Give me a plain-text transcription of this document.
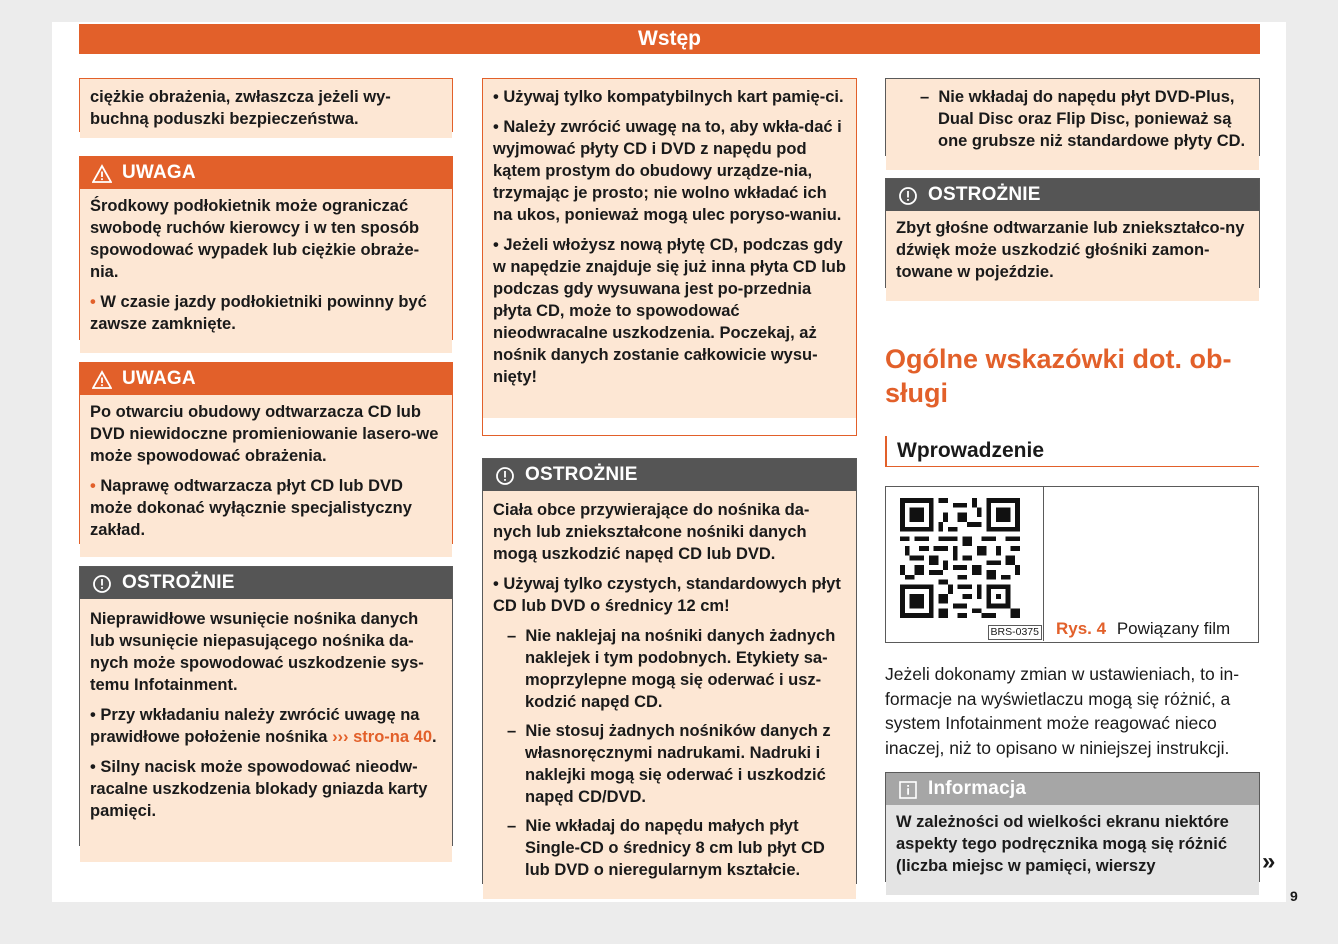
Wstęp
ciężkie obrażenia, zwłaszcza jeżeli wy-
buchną poduszki bezpieczeństwa.
UWAGA

Środkowy podłokietnik może ograniczać swobodę ruchów kierowcy i w ten sposób spowodować wypadek lub ciężkie obraże-nia.

• W czasie jazdy podłokietniki powinny być zawsze zamknięte.

UWAGA

Po otwarciu obudowy odtwarzacza CD lub DVD niewidoczne promieniowanie lasero-we może spowodować obrażenia.

• Naprawę odtwarzacza płyt CD lub DVD może dokonać wyłącznie specjalistyczny zakład.

OSTROŻNIE

Nieprawidłowe wsunięcie nośnika danych lub wsunięcie niepasującego nośnika da-nych może spowodować uszkodzenie sys-temu Infotainment.

• Przy wkładaniu należy zwrócić uwagę na prawidłowe położenie nośnika ››› stro-na 40.

• Silny nacisk może spowodować nieodw-racalne uszkodzenia blokady gniazda karty pamięci.

• Używaj tylko kompatybilnych kart pamię-ci.

• Należy zwrócić uwagę na to, aby wkła-dać i wyjmować płyty CD i DVD z napędu pod kątem prostym do obudowy urządze-nia, trzymając je prosto; nie wolno wkładać ich na ukos, ponieważ mogą ulec poryso-waniu.

• Jeżeli włożysz nową płytę CD, podczas gdy w napędzie znajduje się już inna płyta CD lub podczas gdy wysuwana jest po-przednia płyta CD, może to spowodować nieodwracalne uszkodzenia. Poczekaj, aż nośnik danych zostanie całkowicie wysu-nięty!

OSTROŻNIE

Ciała obce przywierające do nośnika da-nych lub zniekształcone nośniki danych mogą uszkodzić napęd CD lub DVD.

• Używaj tylko czystych, standardowych płyt CD lub DVD o średnicy 12 cm!

–  Nie naklejaj na nośniki danych żadnych naklejek i tym podobnych. Etykiety sa-moprzylepne mogą się oderwać i usz-kodzić napęd CD.

–  Nie stosuj żadnych nośników danych z własnoręcznymi nadrukami. Nadruki i naklejki mogą się oderwać i uszkodzić napęd CD/DVD.

–  Nie wkładaj do napędu małych płyt Single-CD o średnicy 8 cm lub płyt CD lub DVD o nieregularnym kształcie.

–  Nie wkładaj do napędu płyt DVD-Plus, Dual Disc oraz Flip Disc, ponieważ są one grubsze niż standardowe płyty CD.

OSTROŻNIE

Zbyt głośne odtwarzanie lub zniekształco-ny dźwięk może uszkodzić głośniki zamon-towane w pojeździe.

Ogólne wskazówki dot. ob-sługi
Wprowadzenie
BRS-0375 Rys. 4 Powiązany film
Jeżeli dokonamy zmian w ustawieniach, to in-formacje na wyświetlaczu mogą się różnić, a system Infotainment może reagować nieco inaczej, niż to opisano w niniejszej instrukcji.
Informacja

W zależności od wielkości ekranu niektóre aspekty tego podręcznika mogą się różnić (liczba miejsc w pamięci, wierszy	»
9
